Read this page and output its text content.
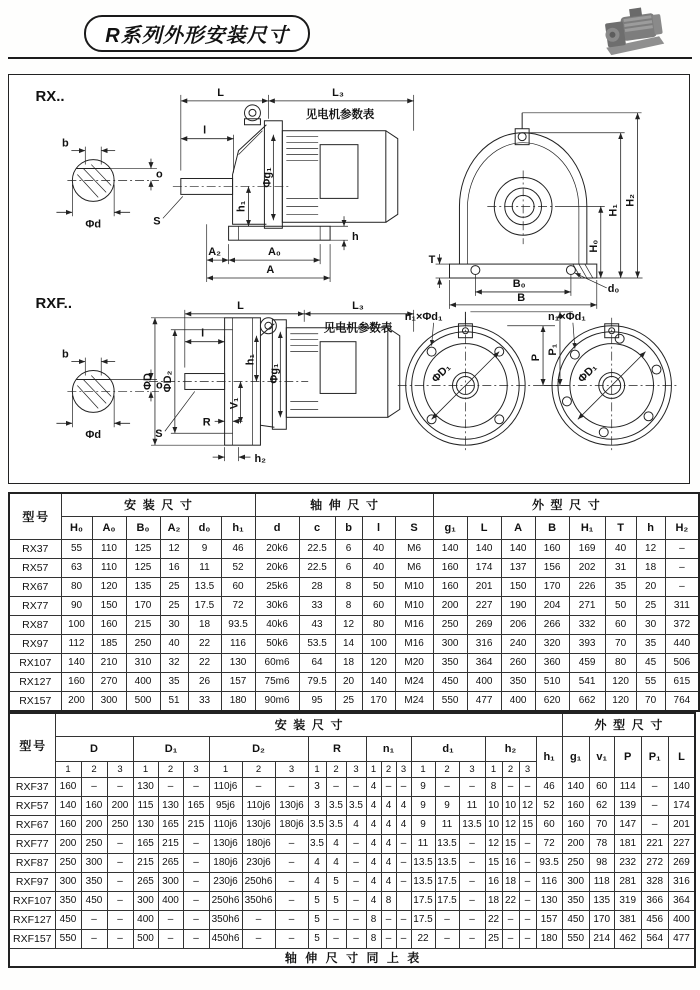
R系列外形安装尺寸
RX..
b
o
Φd
L	L₃
见电机参数表
l
Φg₁
h₁
S
h
A₂	A₀
A
T
B₀
B
d₀
H₀
H₁
H₂
RXF..
b
o
Φd
L	L₃
见电机参数表
l
ΦD ΦD₂	Φg₁
h₁
V₁
S
R
h₂
n₁×Φd₁
ΦD₁
P
P₁
n₁×Φd₁
ΦD₁
型号	安装尺寸						轴伸尺寸					外型尺寸							
	H₀	A₀	B₀	A₂	d₀	h₁	d	c	b	l	S	g₁	L	A	B	H₁	T	h	H₂
RX37	55	110	125	12	9	46	20k6	22.5	6	40	M6	140	140	140	160	169	40	12	–
RX57	63	110	125	16	11	52	20k6	22.5	6	40	M6	160	174	137	156	202	31	18	–
RX67	80	120	135	25	13.5	60	25k6	28	8	50	M10	160	201	150	170	226	35	20	–
RX77	90	150	170	25	17.5	72	30k6	33	8	60	M10	200	227	190	204	271	50	25	311
RX87	100	160	215	30	18	93.5	40k6	43	12	80	M16	250	269	206	266	332	60	30	372
RX97	112	185	250	40	22	116	50k6	53.5	14	100	M16	300	316	240	320	393	70	35	440
RX107	140	210	310	32	22	130	60m6	64	18	120	M20	350	364	260	360	459	80	45	506
RX127	160	270	400	35	26	157	75m6	79.5	20	140	M24	450	400	350	510	541	120	55	615
RX157	200	300	500	51	33	180	90m6	95	25	170	M24	550	477	400	620	662	120	70	764
型号	安装尺寸																						外型尺寸				
	D			D₁			D₂			R			n₁			d₁			h₂			h₁	g₁	v₁	P	P₁	L
	1	2	3	1	2	3	1	2	3	1	2	3	1	2	3	1	2	3	1	2	3						
RXF37	160	–	–	130	–	–	110j6	–	–	3	–	–	4	–	–	9	–	–	8	–	–	46	140	60	114	–	140
RXF57	140	160	200	115	130	165	95j6	110j6	130j6	3	3.5	3.5	4	4	4	9	9	11	10	10	12	52	160	62	139	–	174
RXF67	160	200	250	130	165	215	110j6	130j6	180j6	3.5	3.5	4	4	4	4	9	11	13.5	10	12	15	60	160	70	147	–	201
RXF77	200	250	–	165	215	–	130j6	180j6	–	3.5	4	–	4	4	–	11	13.5	–	12	15	–	72	200	78	181	221	227
RXF87	250	300	–	215	265	–	180j6	230j6	–	4	4	–	4	4	–	13.5	13.5	–	15	16	–	93.5	250	98	232	272	269
RXF97	300	350	–	265	300	–	230j6	250h6	–	4	5	–	4	4	–	13.5	17.5	–	16	18	–	116	300	118	281	328	316
RXF107	350	450	–	300	400	–	250h6	350h6	–	5	5	–	4	8		17.5	17.5	–	18	22	–	130	350	135	319	366	364
RXF127	450	–	–	400	–	–	350h6	–	–	5	–	–	8	–	–	17.5	–	–	22	–	–	157	450	170	381	456	400
RXF157	550	–	–	500	–	–	450h6	–	–	5	–	–	8	–	–	22	–	–	25	–	–	180	550	214	462	564	477
轴伸尺寸同上表																											
